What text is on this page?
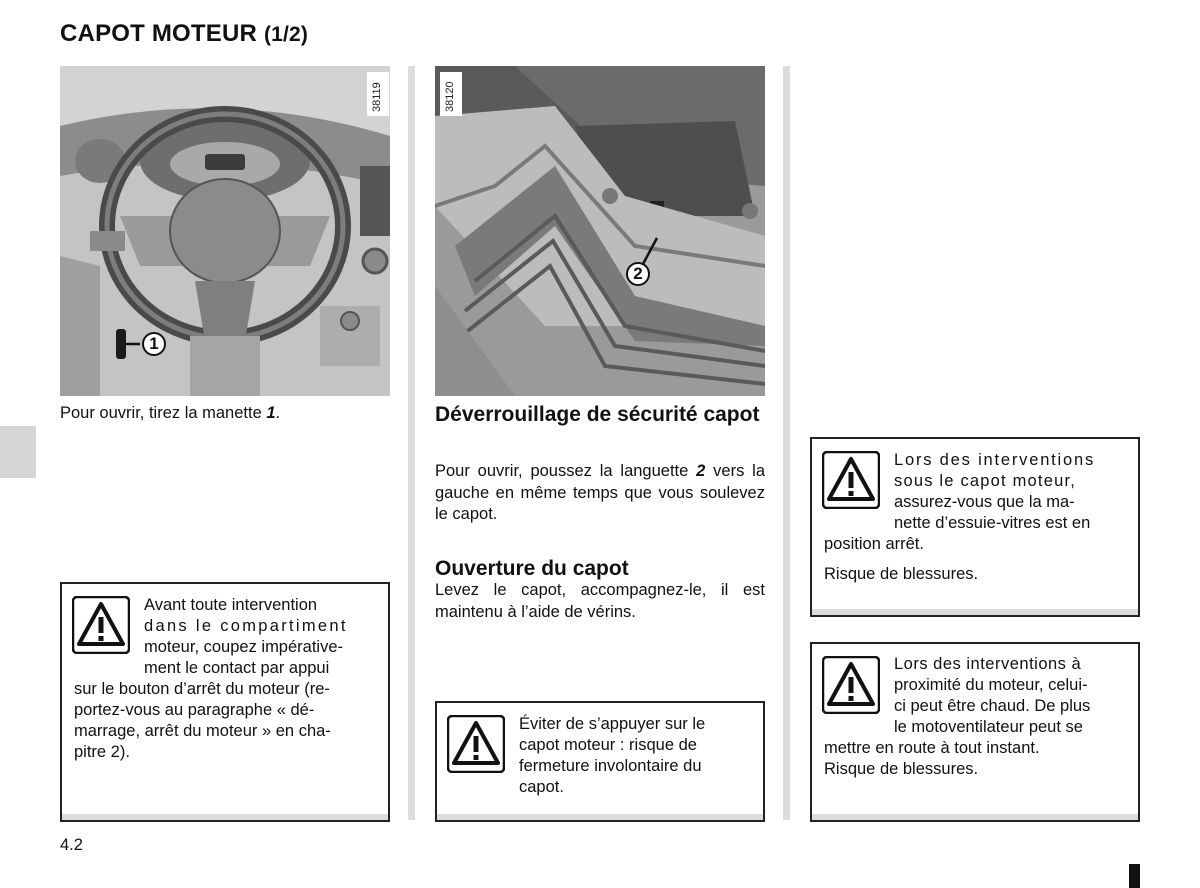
CAPOT MOTEUR (1/2)
38119
1
38120
2
Pour ouvrir, tirez la manette 1.
Avant toute intervention
dans le compartiment
moteur, coupez impérative-
ment le contact par appui
sur le bouton d’arrêt du moteur (re-
portez-vous au paragraphe « dé-
marrage, arrêt du moteur » en cha-
pitre 2).
Déverrouillage de sécurité capot
Pour ouvrir, poussez la languette 2 vers la gauche en même temps que vous soulevez le capot.
Ouverture du capot
Levez le capot, accompagnez-le, il est maintenu à l’aide de vérins.
Éviter de s’appuyer sur le
capot moteur : risque de
fermeture involontaire du
capot.
Lors des interventions
sous le capot moteur,
assurez-vous que la ma-
nette d’essuie-vitres est en
position arrêt.
Risque de blessures.
Lors des interventions à
proximité du moteur, celui-
ci peut être chaud. De plus
le motoventilateur peut se
mettre en route à tout instant.
Risque de blessures.
4.2
